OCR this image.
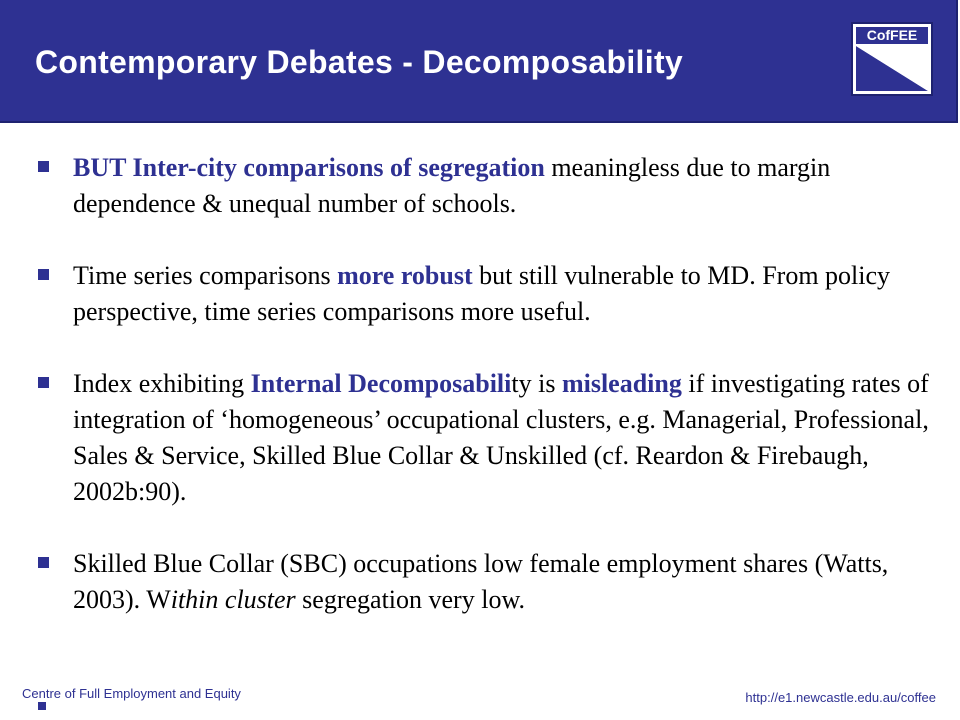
Contemporary Debates - Decomposability
CofFEE
BUT Inter-city comparisons of segregation meaningless due to margin dependence & unequal number of schools.
Time series comparisons more robust but still vulnerable to MD. From policy perspective, time series comparisons more useful.
Index exhibiting Internal Decomposability is misleading if investigating rates of integration of ‘homogeneous’ occupational clusters, e.g. Managerial, Professional, Sales & Service, Skilled Blue Collar & Unskilled (cf. Reardon & Firebaugh, 2002b:90).
Skilled Blue Collar (SBC) occupations low female employment shares (Watts, 2003). Within cluster segregation very low.
Centre of Full Employment and Equity	http://e1.newcastle.edu.au/coffee
